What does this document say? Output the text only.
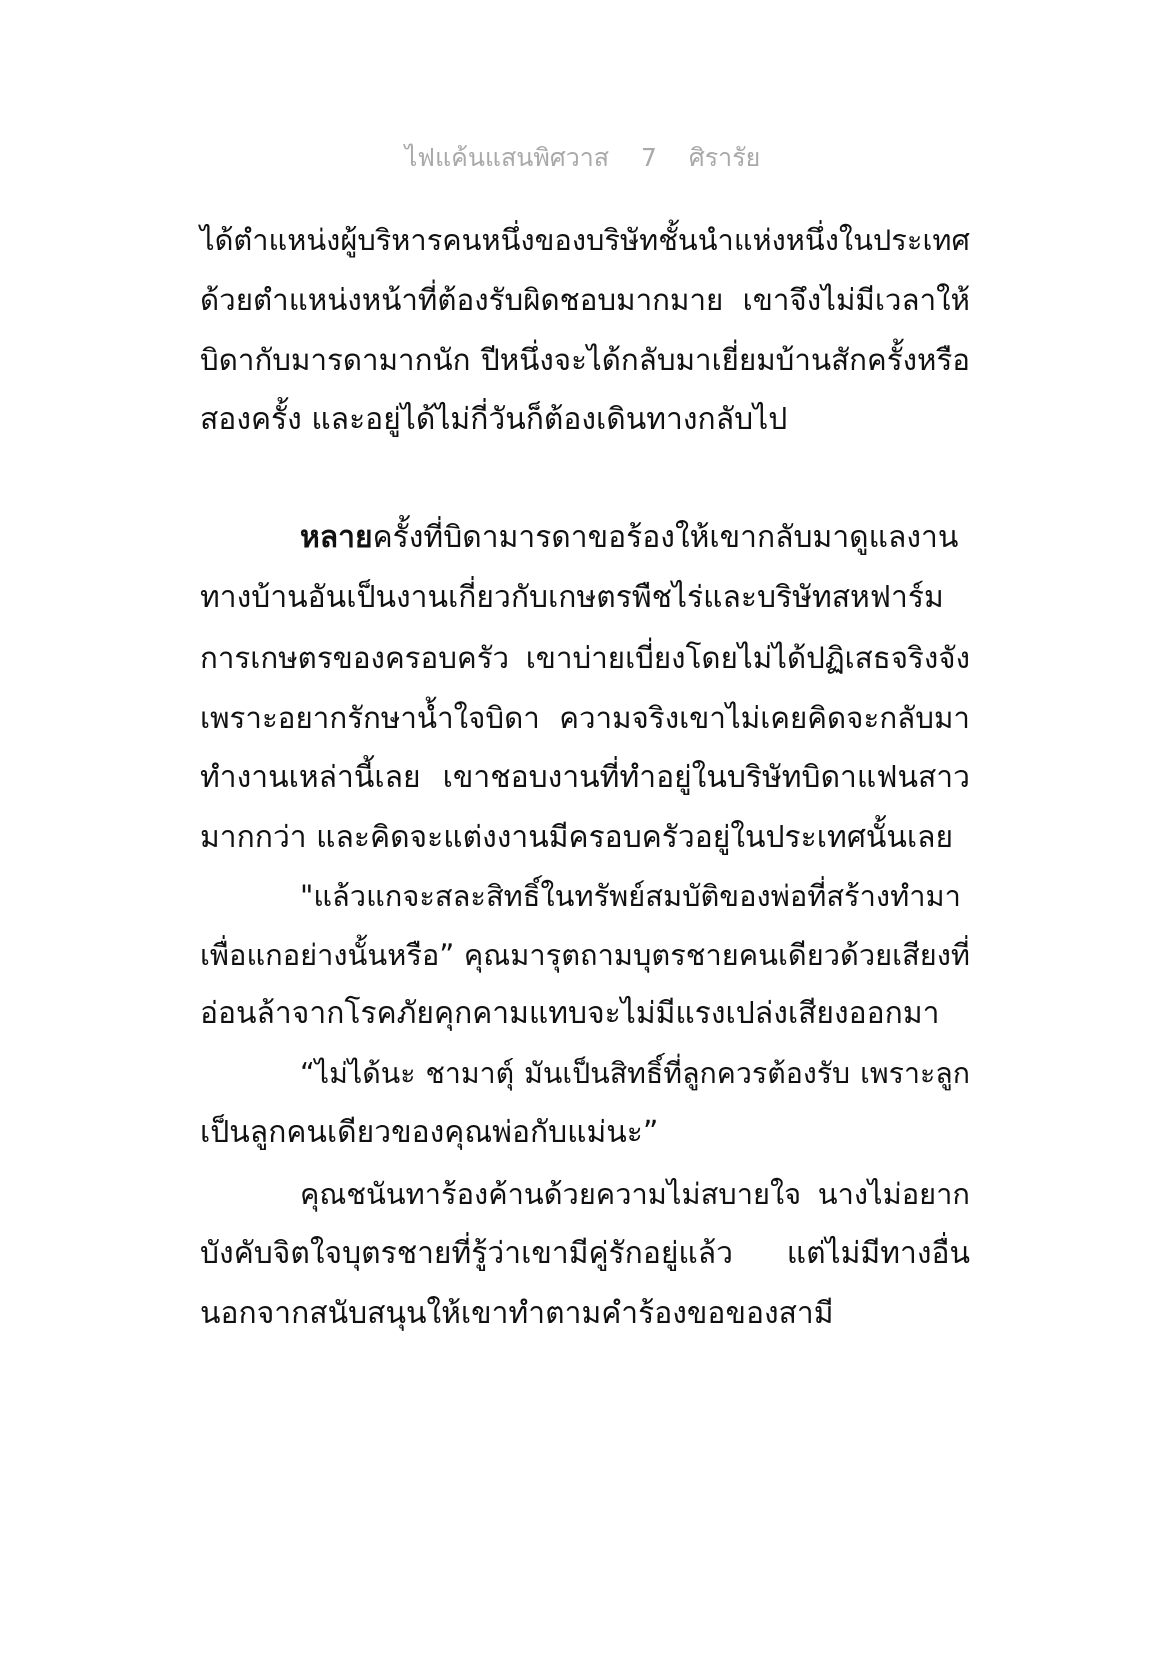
ไฟแค้นแสนพิศวาส 7 ศิรารัย
ได้ตำแหน่งผู้บริหารคนหนึ่งของบริษัทชั้นนำแห่งหนึ่งในประเทศ
ด้วยตำแหน่งหน้าที่ต้องรับผิดชอบมากมาย เขาจึงไม่มีเวลาให้
บิดากับมารดามากนัก ปีหนึ่งจะได้กลับมาเยี่ยมบ้านสักครั้งหรือ
สองครั้ง และอยู่ได้ไม่กี่วันก็ต้องเดินทางกลับไป
หลายครั้งที่บิดามารดาขอร้องให้เขากลับมาดูแลงาน
ทางบ้านอันเป็นงานเกี่ยวกับเกษตรพืชไร่และบริษัทสหฟาร์ม
การเกษตรของครอบครัว เขาบ่ายเบี่ยงโดยไม่ได้ปฏิเสธจริงจัง
เพราะอยากรักษาน้ำใจบิดา ความจริงเขาไม่เคยคิดจะกลับมา
ทำงานเหล่านี้เลย เขาชอบงานที่ทำอยู่ในบริษัทบิดาแฟนสาว
มากกว่า และคิดจะแต่งงานมีครอบครัวอยู่ในประเทศนั้นเลย
"แล้วแกจะสละสิทธิ์ในทรัพย์สมบัติของพ่อที่สร้างทำมา
เพื่อแกอย่างนั้นหรือ” คุณมารุตถามบุตรชายคนเดียวด้วยเสียงที่
อ่อนล้าจากโรคภัยคุกคามแทบจะไม่มีแรงเปล่งเสียงออกมา
“ไม่ได้นะ ชามาตุ์ มันเป็นสิทธิ์ที่ลูกควรต้องรับ เพราะลูก
เป็นลูกคนเดียวของคุณพ่อกับแม่นะ”
คุณชนันทาร้องค้านด้วยความไม่สบายใจ นางไม่อยาก
บังคับจิตใจบุตรชายที่รู้ว่าเขามีคู่รักอยู่แล้ว แต่ไม่มีทางอื่น
นอกจากสนับสนุนให้เขาทำตามคำร้องขอของสามี
